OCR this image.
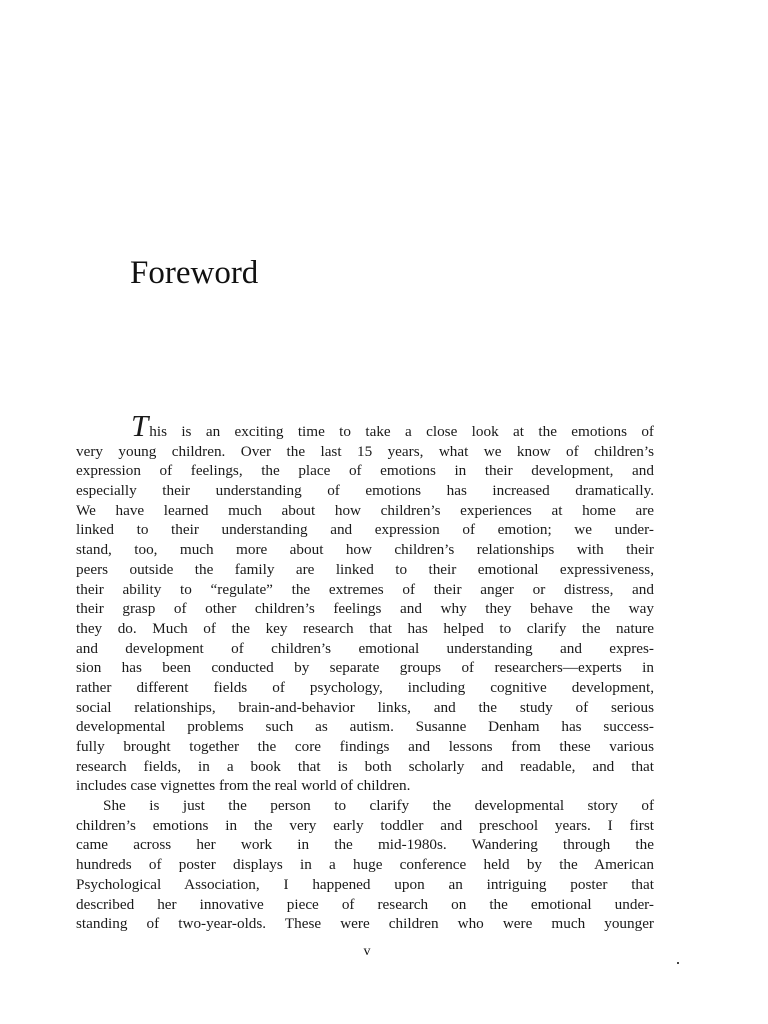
Foreword
This is an exciting time to take a close look at the emotions of
very young children. Over the last 15 years, what we know of children’s
expression of feelings, the place of emotions in their development, and
especially their understanding of emotions has increased dramatically.
We have learned much about how children’s experiences at home are
linked to their understanding and expression of emotion; we under-
stand, too, much more about how children’s relationships with their
peers outside the family are linked to their emotional expressiveness,
their ability to “regulate” the extremes of their anger or distress, and
their grasp of other children’s feelings and why they behave the way
they do. Much of the key research that has helped to clarify the nature
and development of children’s emotional understanding and expres-
sion has been conducted by separate groups of researchers—experts in
rather different fields of psychology, including cognitive development,
social relationships, brain-and-behavior links, and the study of serious
developmental problems such as autism. Susanne Denham has success-
fully brought together the core findings and lessons from these various
research fields, in a book that is both scholarly and readable, and that
includes case vignettes from the real world of children.
She is just the person to clarify the developmental story of
children’s emotions in the very early toddler and preschool years. I first
came across her work in the mid-1980s. Wandering through the
hundreds of poster displays in a huge conference held by the American
Psychological Association, I happened upon an intriguing poster that
described her innovative piece of research on the emotional under-
standing of two-year-olds. These were children who were much younger
v
